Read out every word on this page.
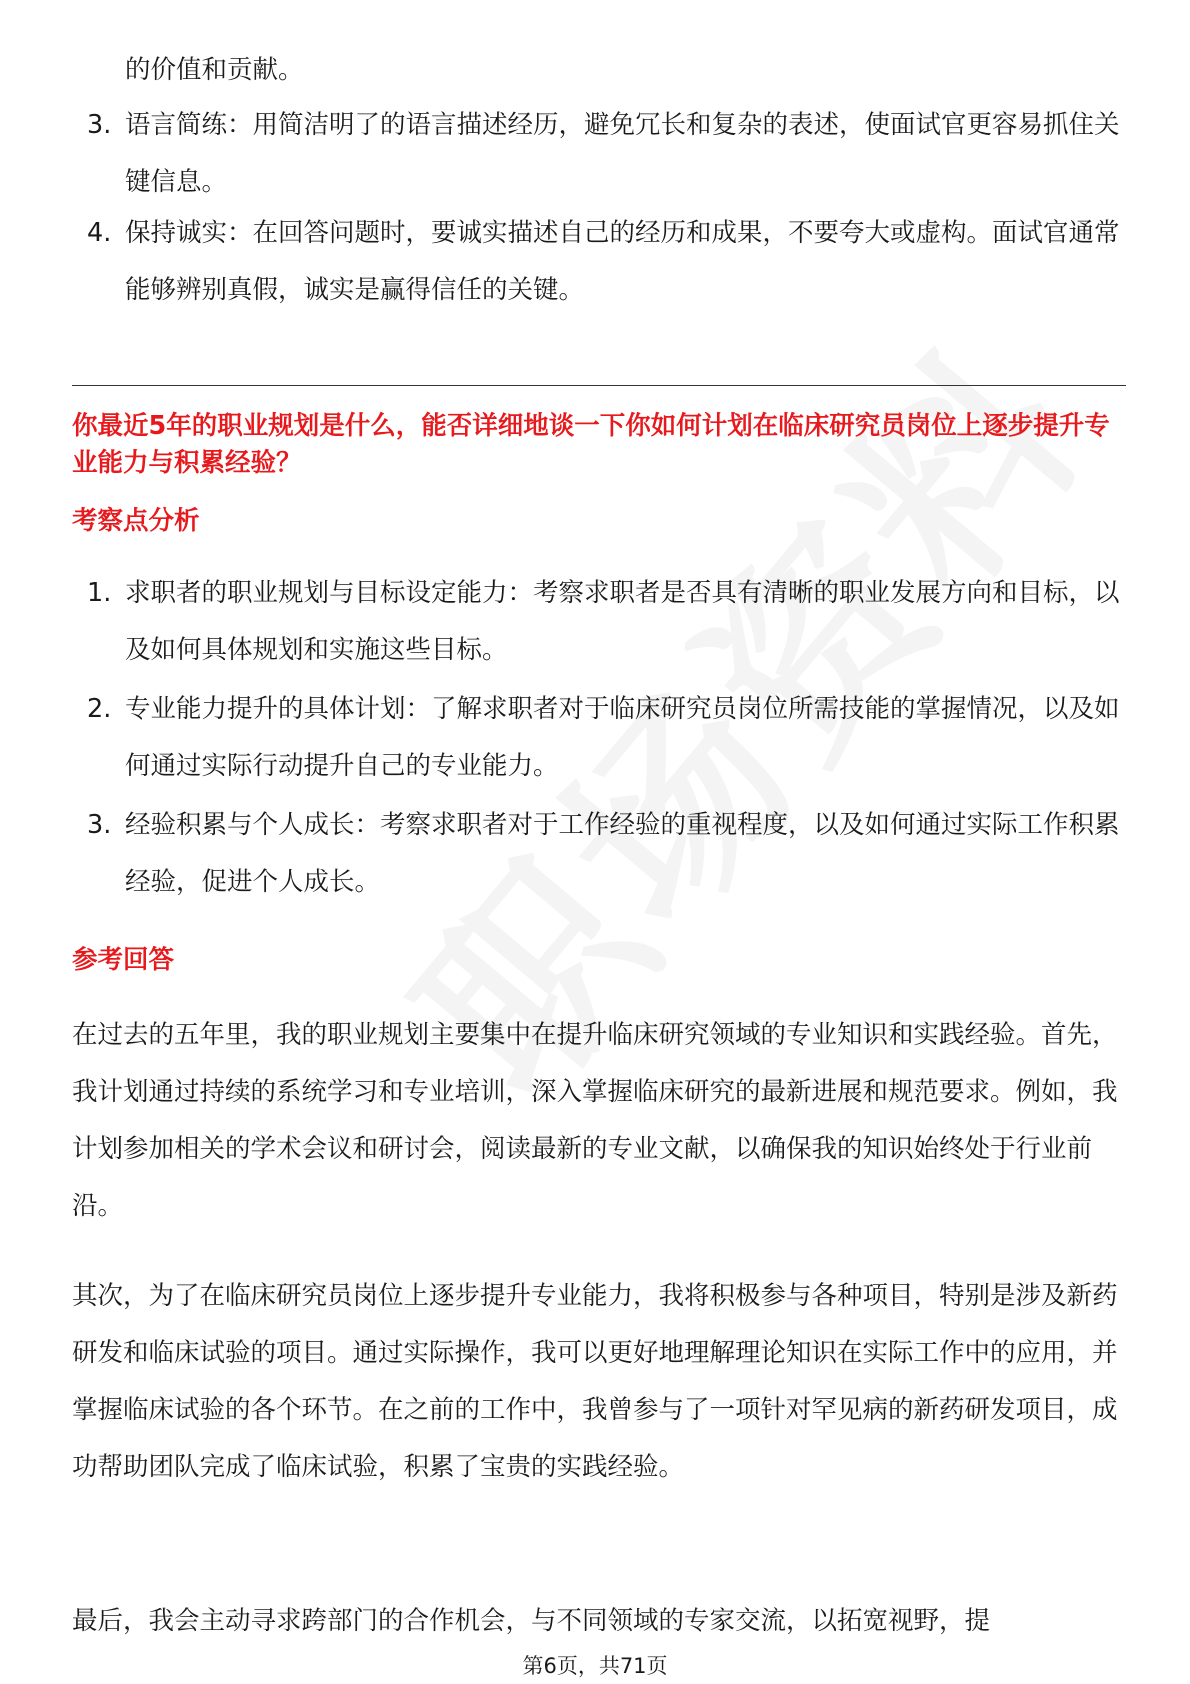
的价值和贡献。
3. 语言简练：用简洁明了的语言描述经历，避免冗长和复杂的表述，使面试官更容易抓住关键信息。
4. 保持诚实：在回答问题时，要诚实描述自己的经历和成果，不要夸大或虚构。面试官通常能够辨别真假，诚实是赢得信任的关键。
你最近5年的职业规划是什么，能否详细地谈一下你如何计划在临床研究员岗位上逐步提升专业能力与积累经验？
考察点分析
1. 求职者的职业规划与目标设定能力：考察求职者是否具有清晰的职业发展方向和目标，以及如何具体规划和实施这些目标。
2. 专业能力提升的具体计划：了解求职者对于临床研究员岗位所需技能的掌握情况，以及如何通过实际行动提升自己的专业能力。
3. 经验积累与个人成长：考察求职者对于工作经验的重视程度，以及如何通过实际工作积累经验，促进个人成长。
参考回答
在过去的五年里，我的职业规划主要集中在提升临床研究领域的专业知识和实践经验。首先，我计划通过持续的系统学习和专业培训，深入掌握临床研究的最新进展和规范要求。例如，我计划参加相关的学术会议和研讨会，阅读最新的专业文献，以确保我的知识始终处于行业前沿。
其次，为了在临床研究员岗位上逐步提升专业能力，我将积极参与各种项目，特别是涉及新药研发和临床试验的项目。通过实际操作，我可以更好地理解理论知识在实际工作中的应用，并掌握临床试验的各个环节。在之前的工作中，我曾参与了一项针对罕见病的新药研发项目，成功帮助团队完成了临床试验，积累了宝贵的实践经验。
最后，我会主动寻求跨部门的合作机会，与不同领域的专家交流，以拓宽视野，提
第6页，共71页
